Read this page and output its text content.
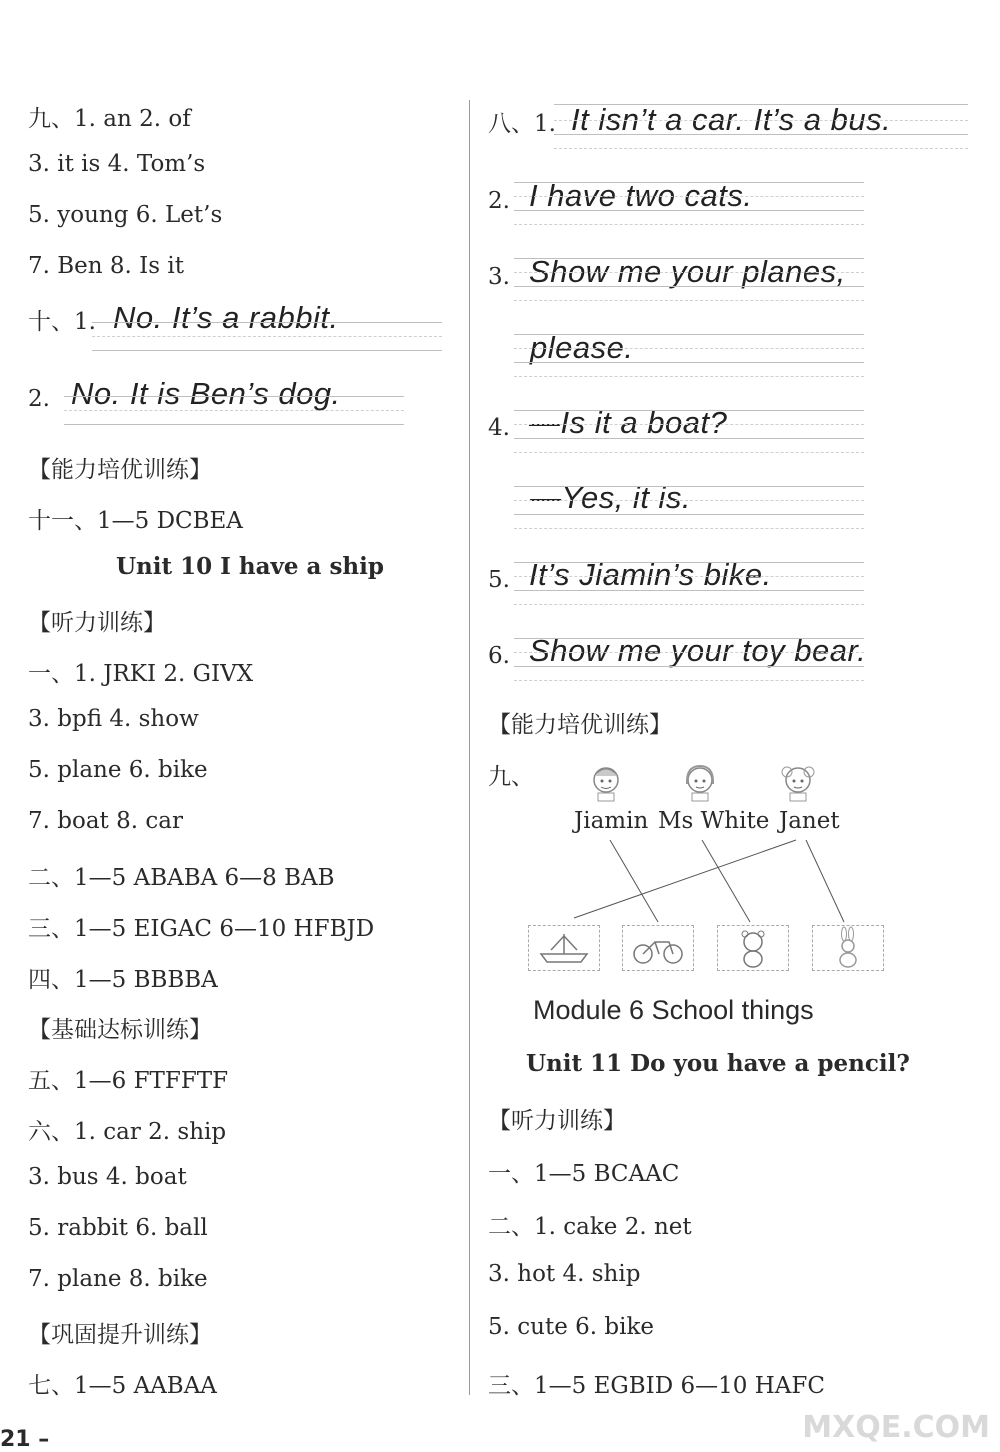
九、1. an 2. of
3. it is 4. Tom’s
5. young 6. Let’s
7. Ben 8. Is it
十、1. No. It’s a rabbit.
2. No. It is Ben’s dog.
【能力培优训练】
十一、1—5 DCBEA
Unit 10 I have a ship
【听力训练】
一、1. JRKI 2. GIVX
3. bpfi 4. show
5. plane 6. bike
7. boat 8. car
二、1—5 ABABA 6—8 BAB
三、1—5 EIGAC 6—10 HFBJD
四、1—5 BBBBA
【基础达标训练】
五、1—6 FTFFTF
六、1. car 2. ship
3. bus 4. boat
5. rabbit 6. ball
7. plane 8. bike
【巩固提升训练】
七、1—5 AABAA
八、1. It isn’t a car. It’s a bus.
2. I have two cats.
3. Show me your planes,
please.
4. —Is it a boat?
—Yes, it is.
5. It’s Jiamin’s bike.
6. Show me your toy bear.
【能力培优训练】
九、
Jiamin Ms White Janet
Module 6 School things
Unit 11 Do you have a pencil?
【听力训练】
一、1—5 BCAAC
二、1. cake 2. net
3. hot 4. ship
5. cute 6. bike
三、1—5 EGBID 6—10 HAFC
21 –	MXQE.COM
